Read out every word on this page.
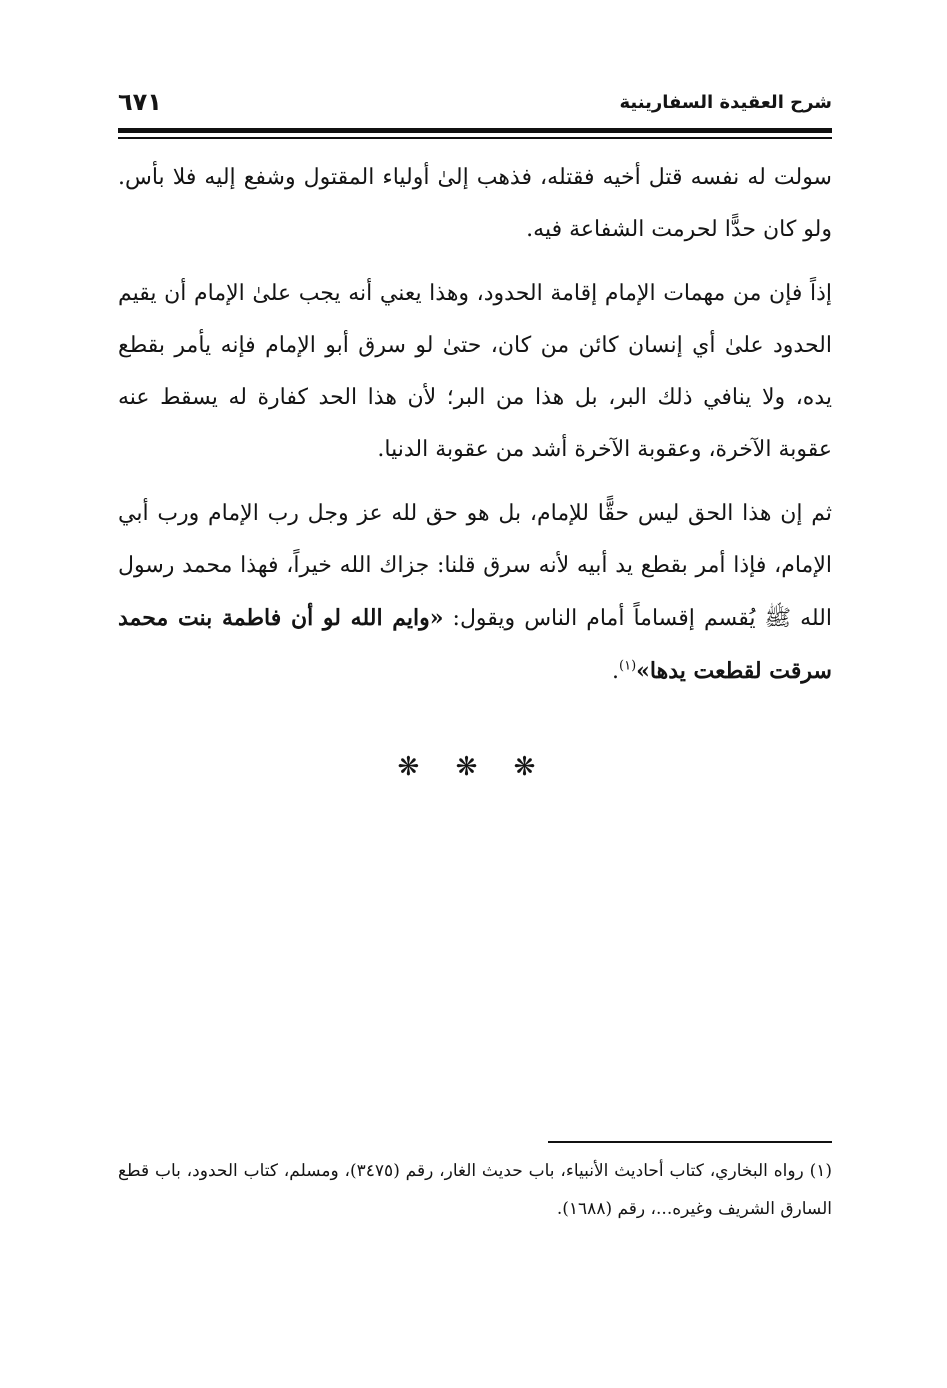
شرح العقيدة السفارينية
٦٧١

سولت له نفسه قتل أخيه فقتله، فذهب إلىٰ أولياء المقتول وشفع إليه فلا بأس. ولو كان حدًّا لحرمت الشفاعة فيه.

إذاً فإن من مهمات الإمام إقامة الحدود، وهذا يعني أنه يجب علىٰ الإمام أن يقيم الحدود علىٰ أي إنسان كائن من كان، حتىٰ لو سرق أبو الإمام فإنه يأمر بقطع يده، ولا ينافي ذلك البر، بل هذا من البر؛ لأن هذا الحد كفارة له يسقط عنه عقوبة الآخرة، وعقوبة الآخرة أشد من عقوبة الدنيا.

ثم إن هذا الحق ليس حقًّا للإمام، بل هو حق لله عز وجل رب الإمام ورب أبي الإمام، فإذا أمر بقطع يد أبيه لأنه سرق قلنا: جزاك الله خيراً، فهذا محمد رسول الله ﷺ يُقسم إقساماً أمام الناس ويقول: «وايم الله لو أن فاطمة بنت محمد سرقت لقطعت يدها»$^{(١)}$.

❋ ❋ ❋
(١) رواه البخاري، كتاب أحاديث الأنبياء، باب حديث الغار، رقم (٣٤٧٥)، ومسلم، كتاب الحدود، باب قطع السارق الشريف وغيره...، رقم (١٦٨٨).
